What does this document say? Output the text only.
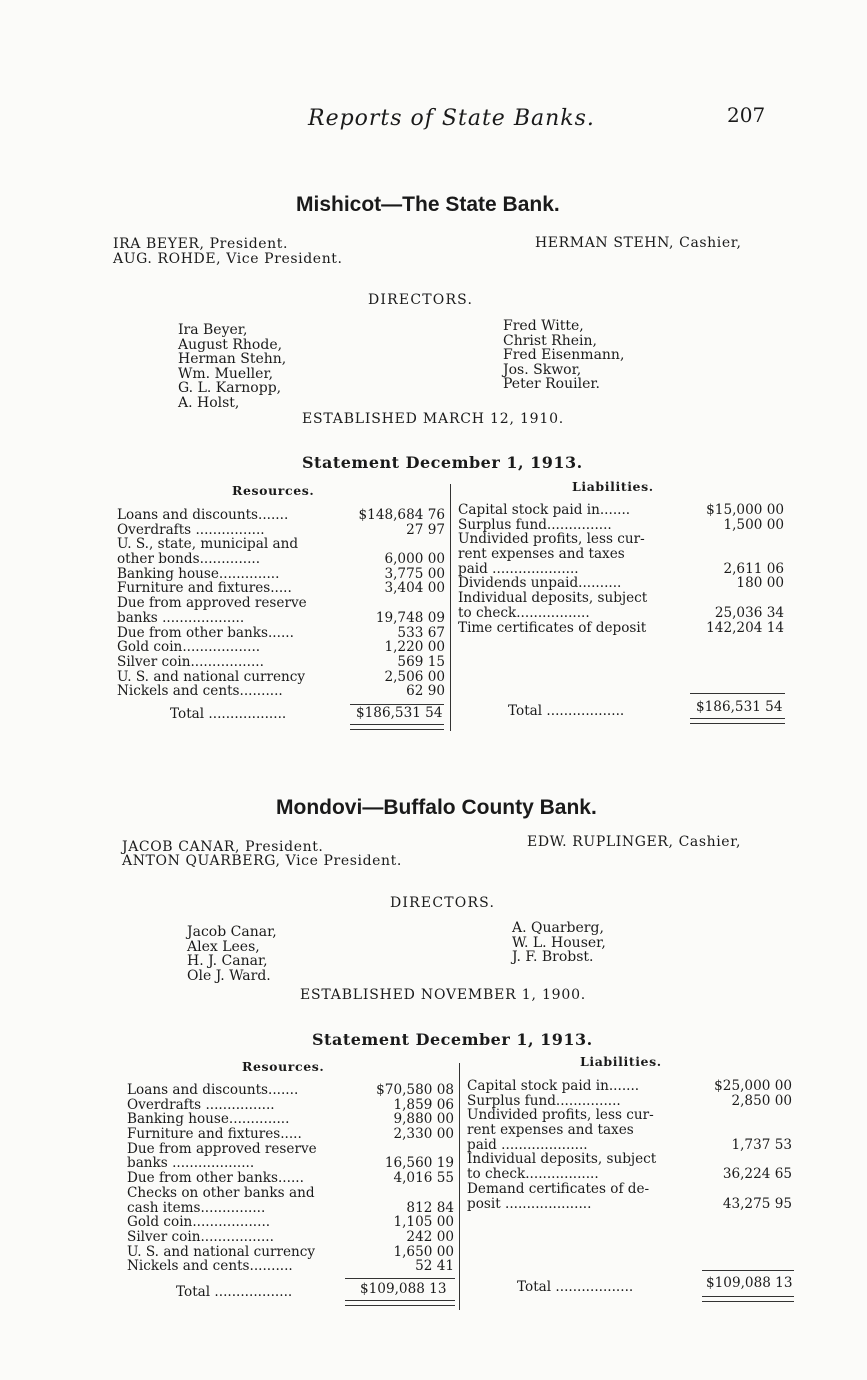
Reports of State Banks.	207
Mishicot—The State Bank.
IRA BEYER, President.
AUG. ROHDE, Vice President.
HERMAN STEHN, Cashier,
DIRECTORS.
Ira Beyer,
August Rhode,
Herman Stehn,
Wm. Mueller,
G. L. Karnopp,
A. Holst,
Fred Witte,
Christ Rhein,
Fred Eisenmann,
Jos. Skwor,
Peter Rouiler.
ESTABLISHED MARCH 12, 1910.
Statement December 1, 1913.
Resources.	Liabilities.
Loans and discounts.......	$148,684 76
Overdrafts ................	27 97
U. S., state, municipal and
other bonds..............	6,000 00
Banking house..............	3,775 00
Furniture and fixtures.....	3,404 00
Due from approved reserve
banks ...................	19,748 09
Due from other banks......	533 67
Gold coin..................	1,220 00
Silver coin.................	569 15
U. S. and national currency	2,506 00
Nickels and cents..........	62 90
Capital stock paid in.......	$15,000 00
Surplus fund...............	1,500 00
Undivided profits, less cur-
rent expenses and taxes
paid ....................	2,611 06
Dividends unpaid..........	180 00
Individual deposits, subject
to check.................	25,036 34
Time certificates of deposit	142,204 14
Total ..................	$186,531 54	Total ..................	$186,531 54
Mondovi—Buffalo County Bank.
JACOB CANAR, President.
ANTON QUARBERG, Vice President.
EDW. RUPLINGER, Cashier,
DIRECTORS.
Jacob Canar,
Alex Lees,
H. J. Canar,
Ole J. Ward.
A. Quarberg,
W. L. Houser,
J. F. Brobst.
ESTABLISHED NOVEMBER 1, 1900.
Statement December 1, 1913.
Resources.	Liabilities.
Loans and discounts.......	$70,580 08
Overdrafts ................	1,859 06
Banking house..............	9,880 00
Furniture and fixtures.....	2,330 00
Due from approved reserve
banks ...................	16,560 19
Due from other banks......	4,016 55
Checks on other banks and
cash items...............	812 84
Gold coin..................	1,105 00
Silver coin.................	242 00
U. S. and national currency	1,650 00
Nickels and cents..........	52 41
Capital stock paid in.......	$25,000 00
Surplus fund...............	2,850 00
Undivided profits, less cur-
rent expenses and taxes
paid ....................	1,737 53
Individual deposits, subject
to check.................	36,224 65
Demand certificates of de-
posit ....................	43,275 95
Total ..................	$109,088 13	Total ..................	$109,088 13
